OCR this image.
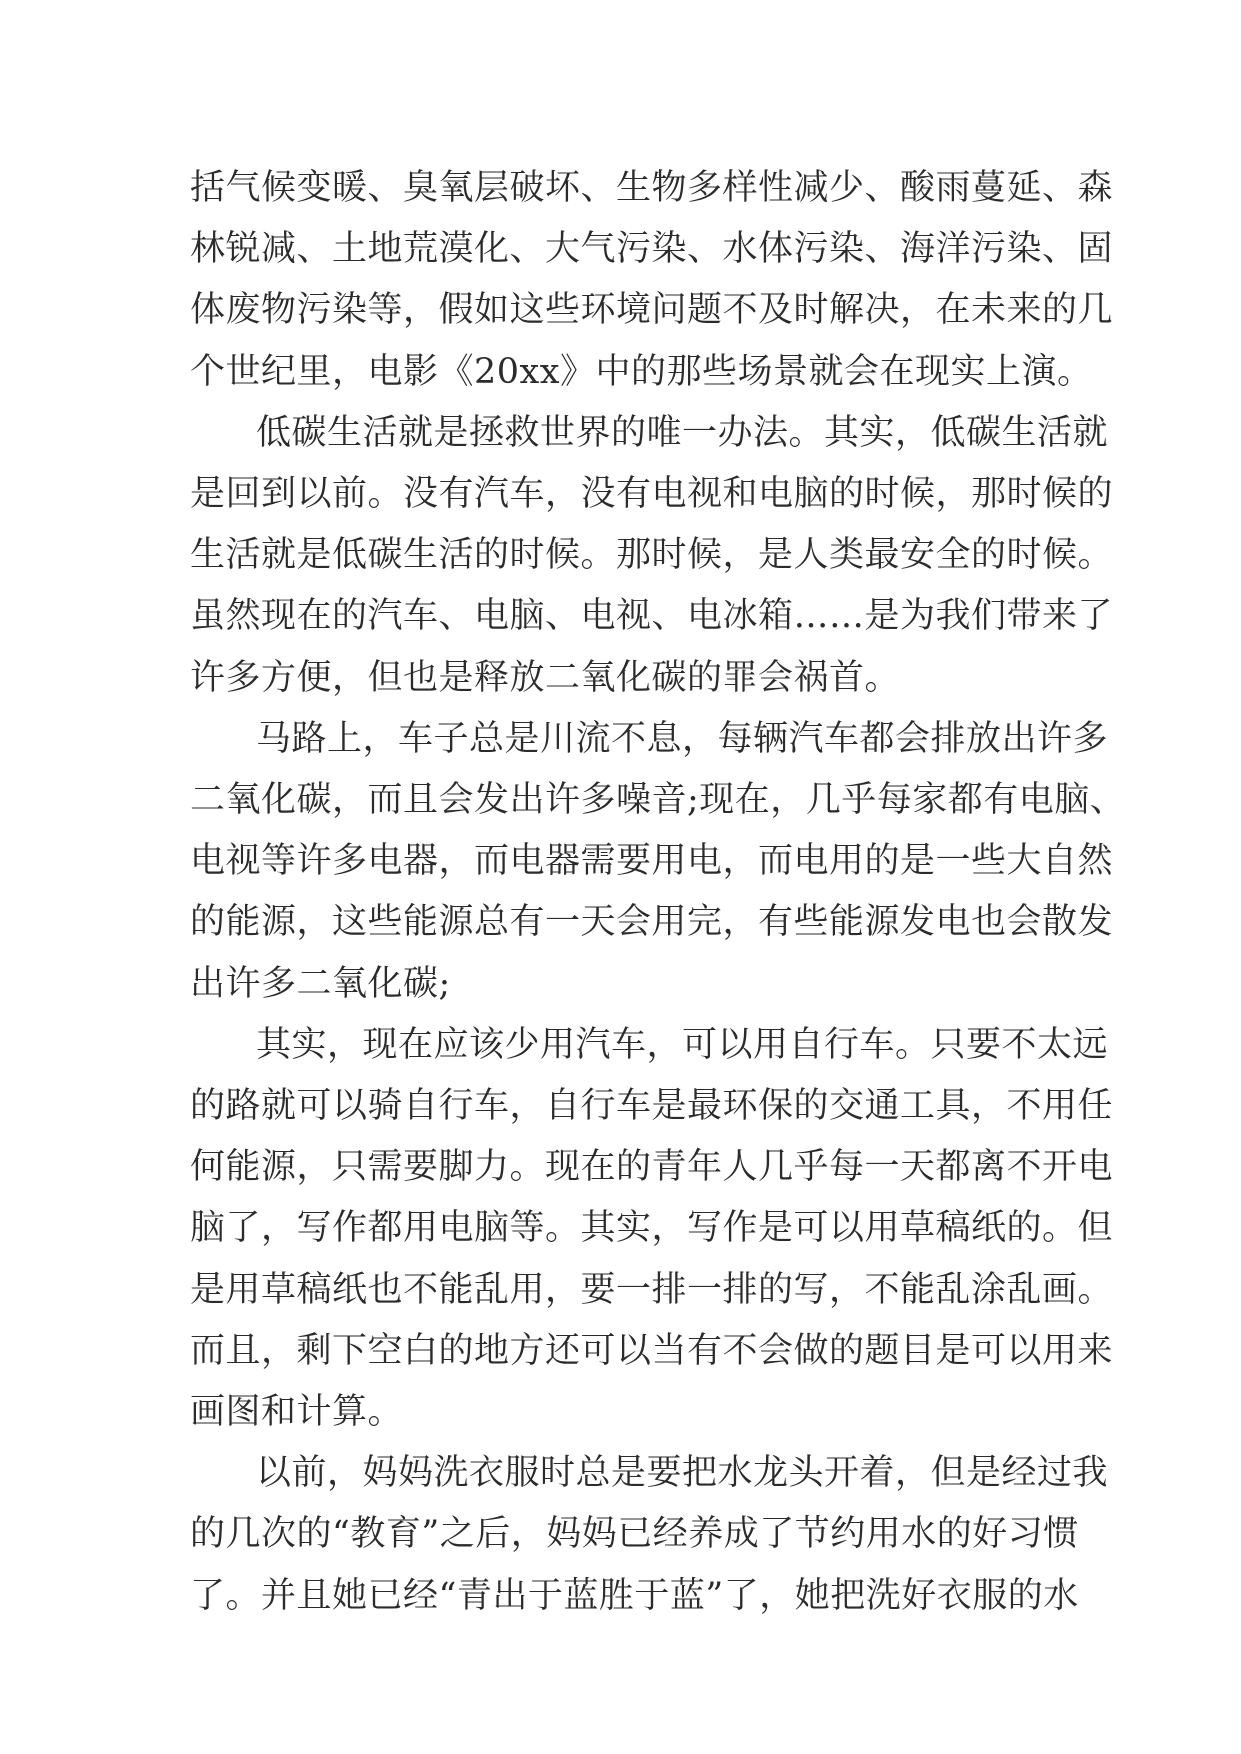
括气候变暖、臭氧层破坏、生物多样性减少、酸雨蔓延、森
林锐减、土地荒漠化、大气污染、水体污染、海洋污染、固
体废物污染等，假如这些环境问题不及时解决，在未来的几
个世纪里，电影《20xx》中的那些场景就会在现实上演。
低碳生活就是拯救世界的唯一办法。其实，低碳生活就
是回到以前。没有汽车，没有电视和电脑的时候，那时候的
生活就是低碳生活的时候。那时候，是人类最安全的时候。
虽然现在的汽车、电脑、电视、电冰箱……是为我们带来了
许多方便，但也是释放二氧化碳的罪会祸首。
马路上，车子总是川流不息，每辆汽车都会排放出许多
二氧化碳，而且会发出许多噪音;现在，几乎每家都有电脑、
电视等许多电器，而电器需要用电，而电用的是一些大自然
的能源，这些能源总有一天会用完，有些能源发电也会散发
出许多二氧化碳;
其实，现在应该少用汽车，可以用自行车。只要不太远
的路就可以骑自行车，自行车是最环保的交通工具，不用任
何能源，只需要脚力。现在的青年人几乎每一天都离不开电
脑了，写作都用电脑等。其实，写作是可以用草稿纸的。但
是用草稿纸也不能乱用，要一排一排的写，不能乱涂乱画。
而且，剩下空白的地方还可以当有不会做的题目是可以用来
画图和计算。
以前，妈妈洗衣服时总是要把水龙头开着，但是经过我
的几次的“教育”之后，妈妈已经养成了节约用水的好习惯
了。并且她已经“青出于蓝胜于蓝”了，她把洗好衣服的水
